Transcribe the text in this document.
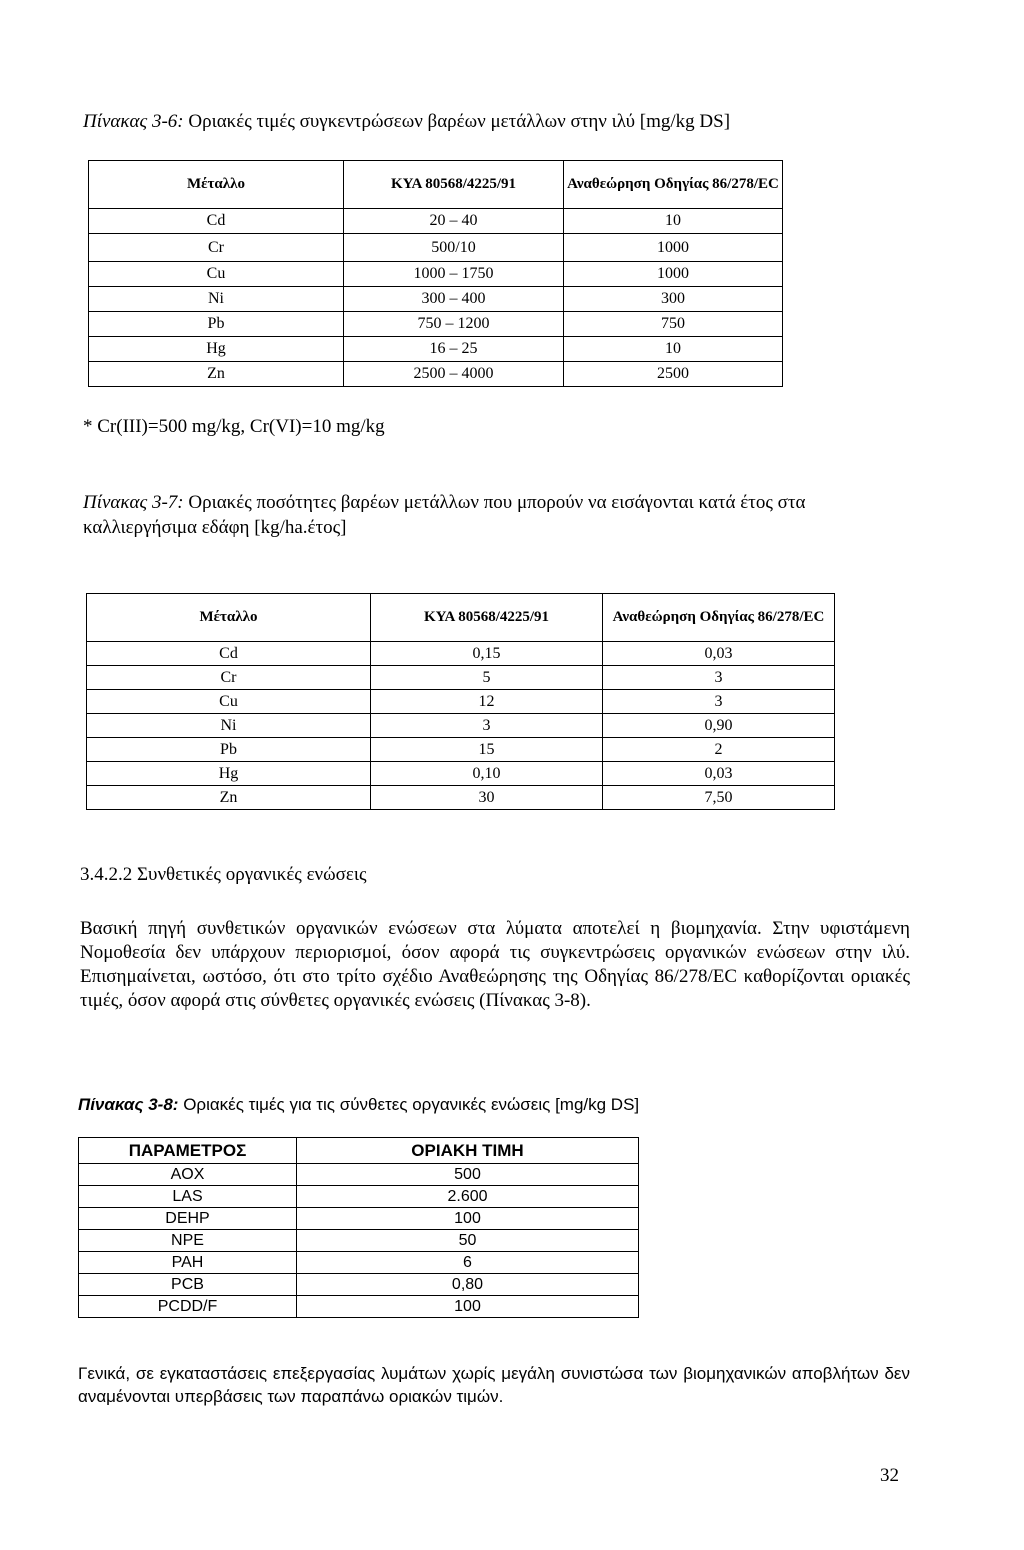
Πίνακας 3-6: Οριακές τιμές συγκεντρώσεων βαρέων μετάλλων στην ιλύ [mg/kg DS]
Μέταλλο	ΚΥΑ 80568/4225/91	Αναθεώρηση Οδηγίας 86/278/EC
Cd	20 – 40	10
Cr	500/10	1000
Cu	1000 – 1750	1000
Ni	300 – 400	300
Pb	750 – 1200	750
Hg	16 – 25	10
Zn	2500 – 4000	2500
* Cr(III)=500 mg/kg, Cr(VI)=10 mg/kg
Πίνακας 3-7: Οριακές ποσότητες βαρέων μετάλλων που μπορούν να εισάγονται κατά έτος στα καλλιεργήσιμα εδάφη [kg/ha.έτος]
Μέταλλο	ΚΥΑ 80568/4225/91	Αναθεώρηση Οδηγίας 86/278/EC
Cd	0,15	0,03
Cr	5	3
Cu	12	3
Ni	3	0,90
Pb	15	2
Hg	0,10	0,03
Zn	30	7,50
3.4.2.2 Συνθετικές οργανικές ενώσεις
Βασική πηγή συνθετικών οργανικών ενώσεων στα λύματα αποτελεί η βιομηχανία. Στην υφιστάμενη Νομοθεσία δεν υπάρχουν περιορισμοί, όσον αφορά τις συγκεντρώσεις οργανικών ενώσεων στην ιλύ. Επισημαίνεται, ωστόσο, ότι στο τρίτο σχέδιο Αναθεώρησης της Οδηγίας 86/278/EC καθορίζονται οριακές τιμές, όσον αφορά στις σύνθετες οργανικές ενώσεις (Πίνακας 3-8).
Πίνακας 3-8: Οριακές τιμές για τις σύνθετες οργανικές ενώσεις [mg/kg DS]
ΠΑΡΑΜΕΤΡΟΣ	ΟΡΙΑΚΗ ΤΙΜΗ
AOX	500
LAS	2.600
DEHP	100
NPE	50
PAH	6
PCB	0,80
PCDD/F	100
Γενικά, σε εγκαταστάσεις επεξεργασίας λυμάτων χωρίς μεγάλη συνιστώσα των βιομηχανικών αποβλήτων δεν αναμένονται υπερβάσεις των παραπάνω οριακών τιμών.
32
